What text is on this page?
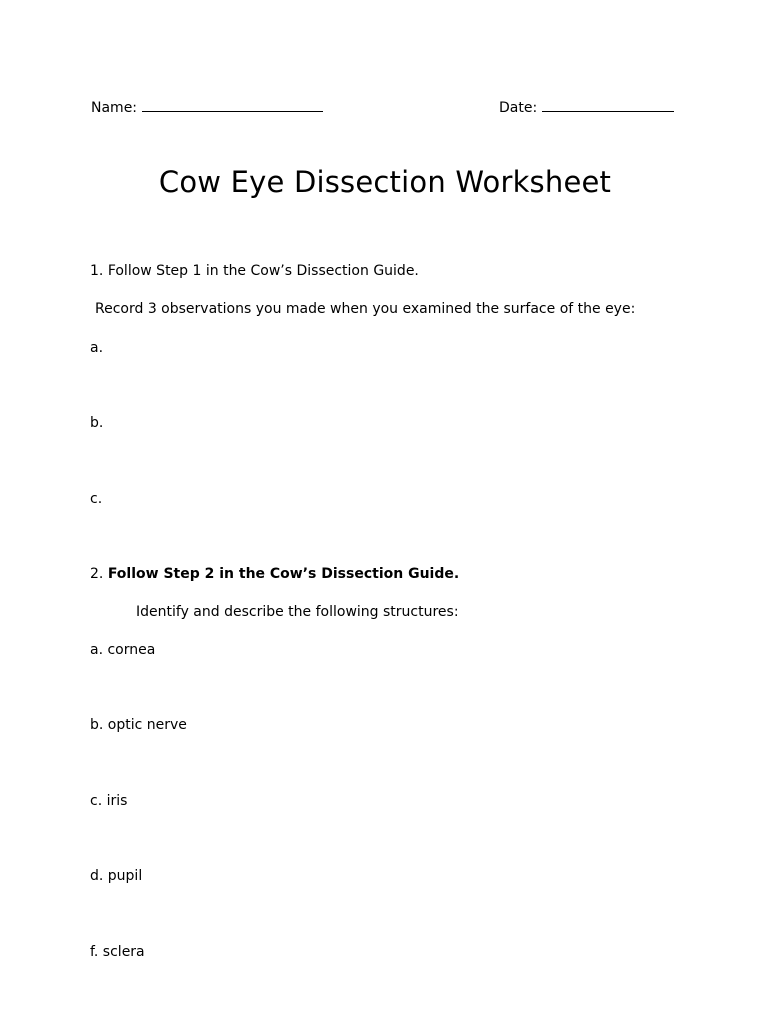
Name:	Date:
Cow Eye Dissection Worksheet
1. Follow Step 1 in the Cow’s Dissection Guide.
Record 3 observations you made when you examined the surface of the eye:
a.
b.
c.
2. Follow Step 2 in the Cow’s Dissection Guide.
Identify and describe the following structures:
a. cornea
b. optic nerve
c. iris
d. pupil
f. sclera
